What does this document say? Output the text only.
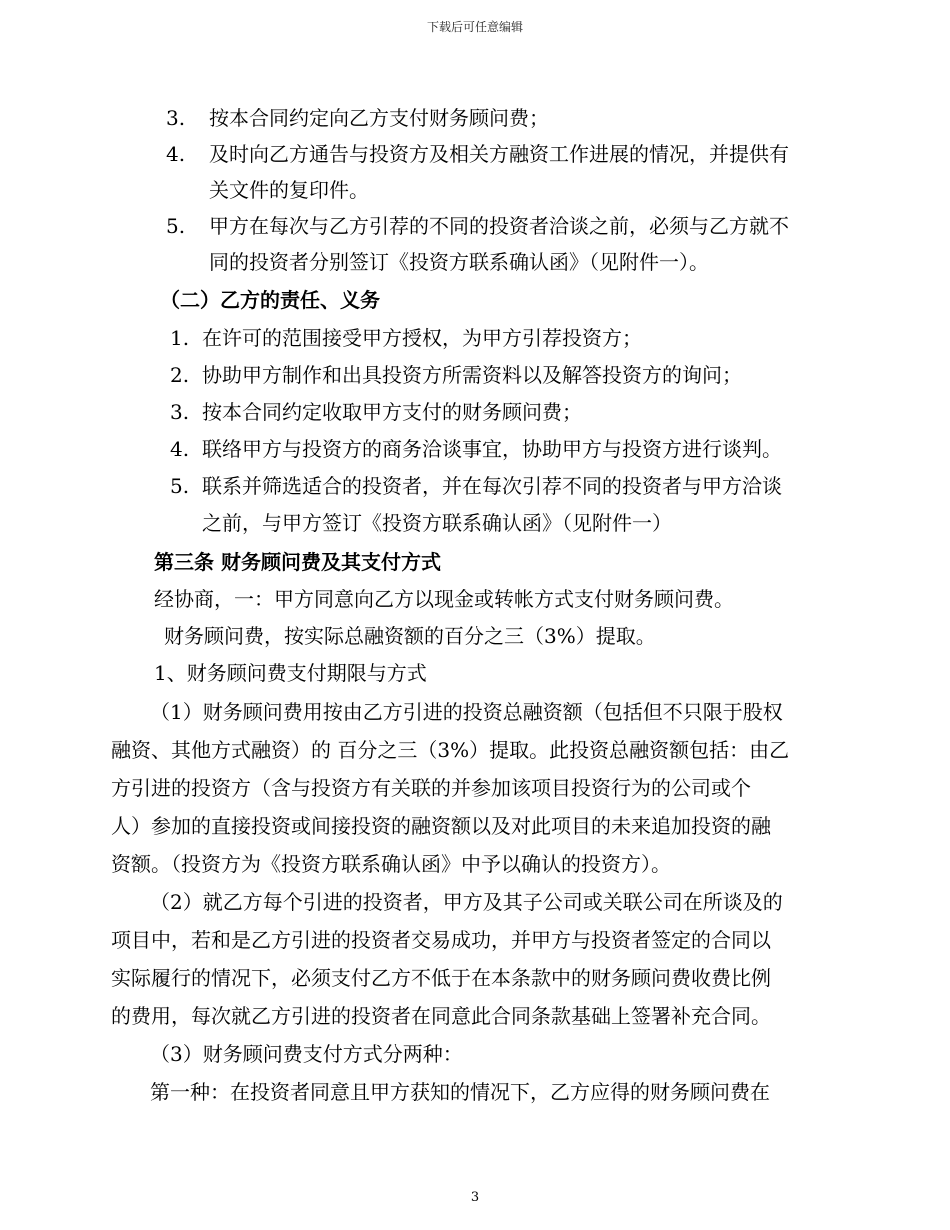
下载后可任意编辑
3. 按本合同约定向乙方支付财务顾问费；
4. 及时向乙方通告与投资方及相关方融资工作进展的情况，并提供有
关文件的复印件。
5. 甲方在每次与乙方引荐的不同的投资者洽谈之前，必须与乙方就不
同的投资者分别签订《投资方联系确认函》（见附件一）。
（二）乙方的责任、义务
1. 在许可的范围接受甲方授权，为甲方引荐投资方；
2. 协助甲方制作和出具投资方所需资料以及解答投资方的询问；
3. 按本合同约定收取甲方支付的财务顾问费；
4. 联络甲方与投资方的商务洽谈事宜，协助甲方与投资方进行谈判。
5. 联系并筛选适合的投资者，并在每次引荐不同的投资者与甲方洽谈
之前，与甲方签订《投资方联系确认函》（见附件一）
第三条 财务顾问费及其支付方式
经协商，一：甲方同意向乙方以现金或转帐方式支付财务顾问费。
财务顾问费，按实际总融资额的百分之三（3%）提取。
1、财务顾问费支付期限与方式
（1）财务顾问费用按由乙方引进的投资总融资额（包括但不只限于股权
融资、其他方式融资）的 百分之三（3%）提取。此投资总融资额包括：由乙
方引进的投资方（含与投资方有关联的并参加该项目投资行为的公司或个
人）参加的直接投资或间接投资的融资额以及对此项目的未来追加投资的融
资额。（投资方为《投资方联系确认函》中予以确认的投资方）。
（2）就乙方每个引进的投资者，甲方及其子公司或关联公司在所谈及的
项目中，若和是乙方引进的投资者交易成功，并甲方与投资者签定的合同以
实际履行的情况下，必须支付乙方不低于在本条款中的财务顾问费收费比例
的费用，每次就乙方引进的投资者在同意此合同条款基础上签署补充合同。
（3）财务顾问费支付方式分两种：
第一种：在投资者同意且甲方获知的情况下，乙方应得的财务顾问费在
3
